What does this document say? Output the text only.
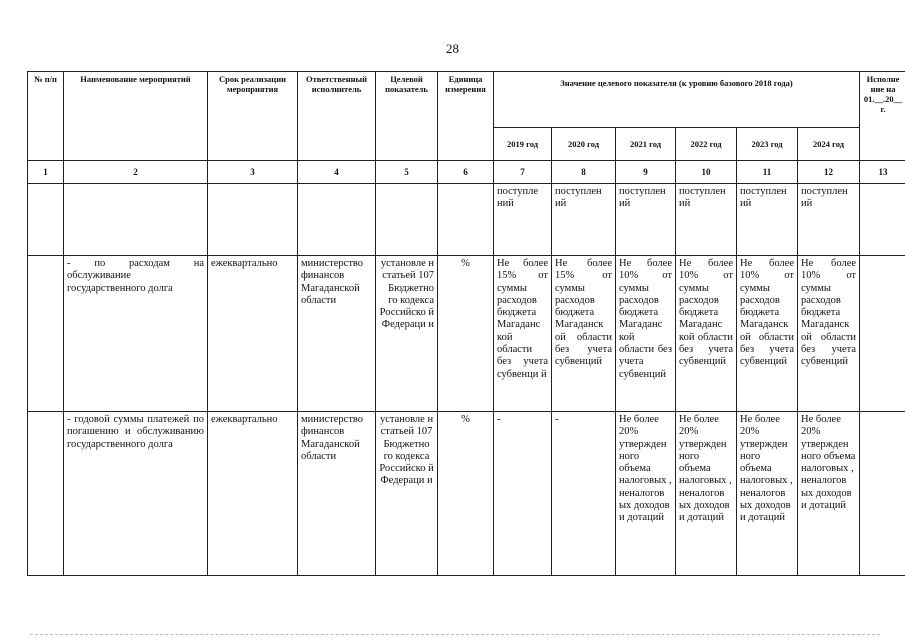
28
№ п/п	Наименование мероприятий	Срок реализации мероприятия	Ответственный исполнитель	Целевой показатель	Единица измерения	Значение целевого показателя (к уровню базового 2018 года)						Исполне ние на 01.__.20__г.
						2019 год	2020 год	2021 год	2022 год	2023 год	2024 год	
1	2	3	4	5	6	7	8	9	10	11	12	13
						поступле ний	поступлен ий	поступлен ий	поступлен ий	поступлен ий	поступлен ий	
	- по расходам на обслуживание государственного долга	ежеквартально	министерство финансов Магаданской области	установле н статьей 107 Бюджетно го кодекса Российско й Федераци и	%	Не более 15% от суммы расходов бюджета Магаданс кой области без учета субвенци й	Не более 15% от суммы расходов бюджета Магаданск ой области без учета субвенций	Не более 10% от суммы расходов бюджета Магаданс кой области без учета субвенций	Не более 10% от суммы расходов бюджета Магаданс кой области без учета субвенций	Не более 10% от суммы расходов бюджета Магаданск ой области без учета субвенций	Не более 10% от суммы расходов бюджета Магаданск ой области без учета субвенций	
	- годовой суммы платежей по погашению и обслуживанию государственного долга	ежеквартально	министерство финансов Магаданской области	установле н статьей 107 Бюджетно го кодекса Российско й Федераци и	%	-	-	Не более 20% утвержден ного объема налоговых , неналогов ых доходов и дотаций	Не более 20% утвержден ного объема налоговых , неналогов ых доходов и дотаций	Не более 20% утвержден ного объема налоговых , неналогов ых доходов и дотаций	Не более 20% утвержден ного объема налоговых , неналогов ых доходов и дотаций	
